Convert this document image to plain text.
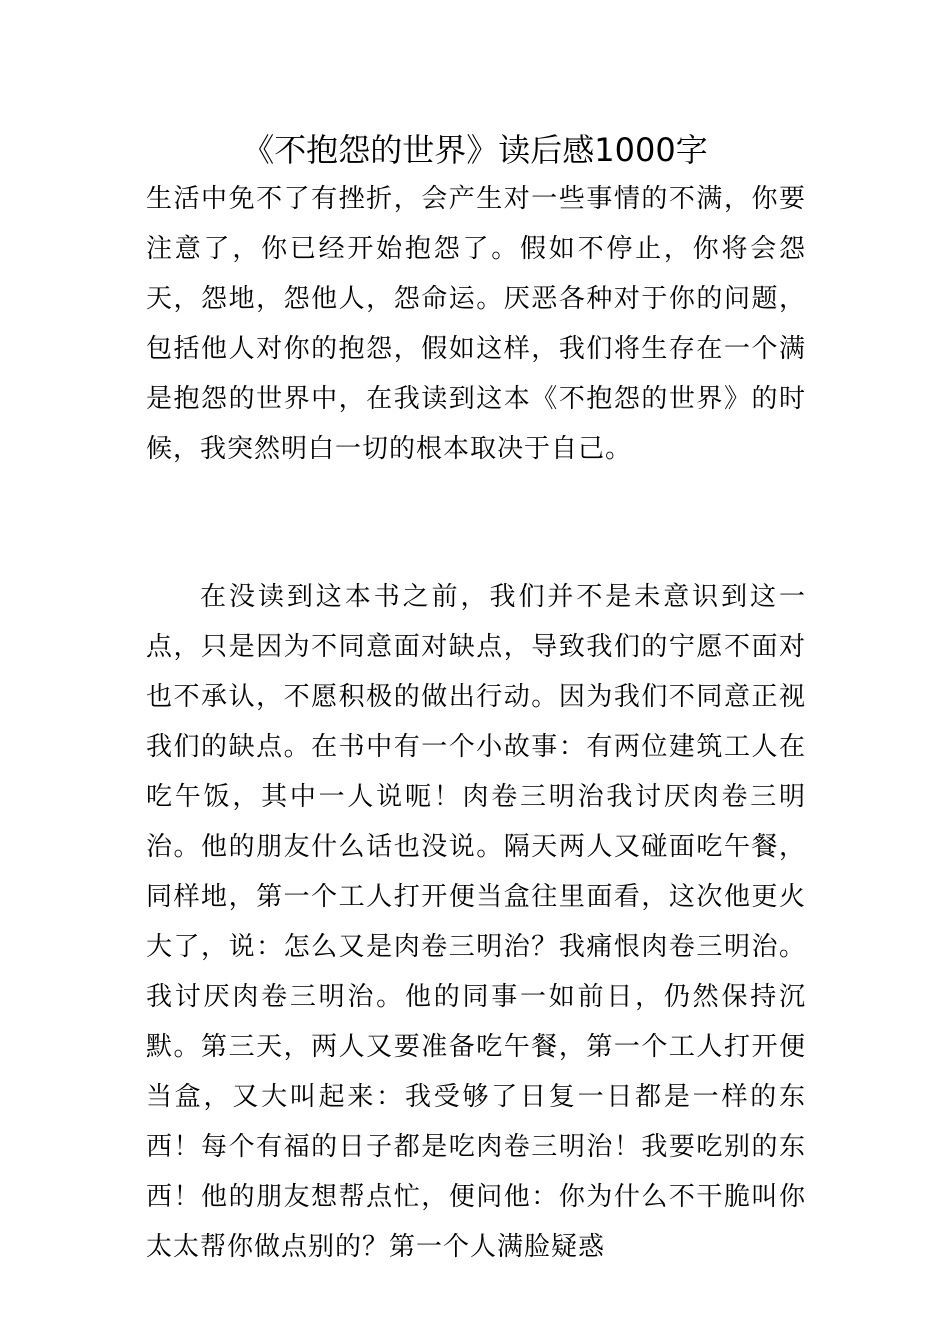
《不抱怨的世界》读后感1000字

生活中免不了有挫折，会产生对一些事情的不满，你要注意了，你已经开始抱怨了。假如不停止，你将会怨天，怨地，怨他人，怨命运。厌恶各种对于你的问题，包括他人对你的抱怨，假如这样，我们将生存在一个满是抱怨的世界中，在我读到这本《不抱怨的世界》的时候，我突然明白一切的根本取决于自己。

在没读到这本书之前，我们并不是未意识到这一点，只是因为不同意面对缺点，导致我们的宁愿不面对也不承认，不愿积极的做出行动。因为我们不同意正视我们的缺点。在书中有一个小故事：有两位建筑工人在吃午饭，其中一人说呃！肉卷三明治我讨厌肉卷三明治。他的朋友什么话也没说。隔天两人又碰面吃午餐，同样地，第一个工人打开便当盒往里面看，这次他更火大了，说：怎么又是肉卷三明治？我痛恨肉卷三明治。我讨厌肉卷三明治。他的同事一如前日，仍然保持沉默。第三天，两人又要准备吃午餐，第一个工人打开便当盒，又大叫起来：我受够了日复一日都是一样的东西！每个有福的日子都是吃肉卷三明治！我要吃别的东西！他的朋友想帮点忙，便问他：你为什么不干脆叫你太太帮你做点别的？第一个人满脸疑惑
